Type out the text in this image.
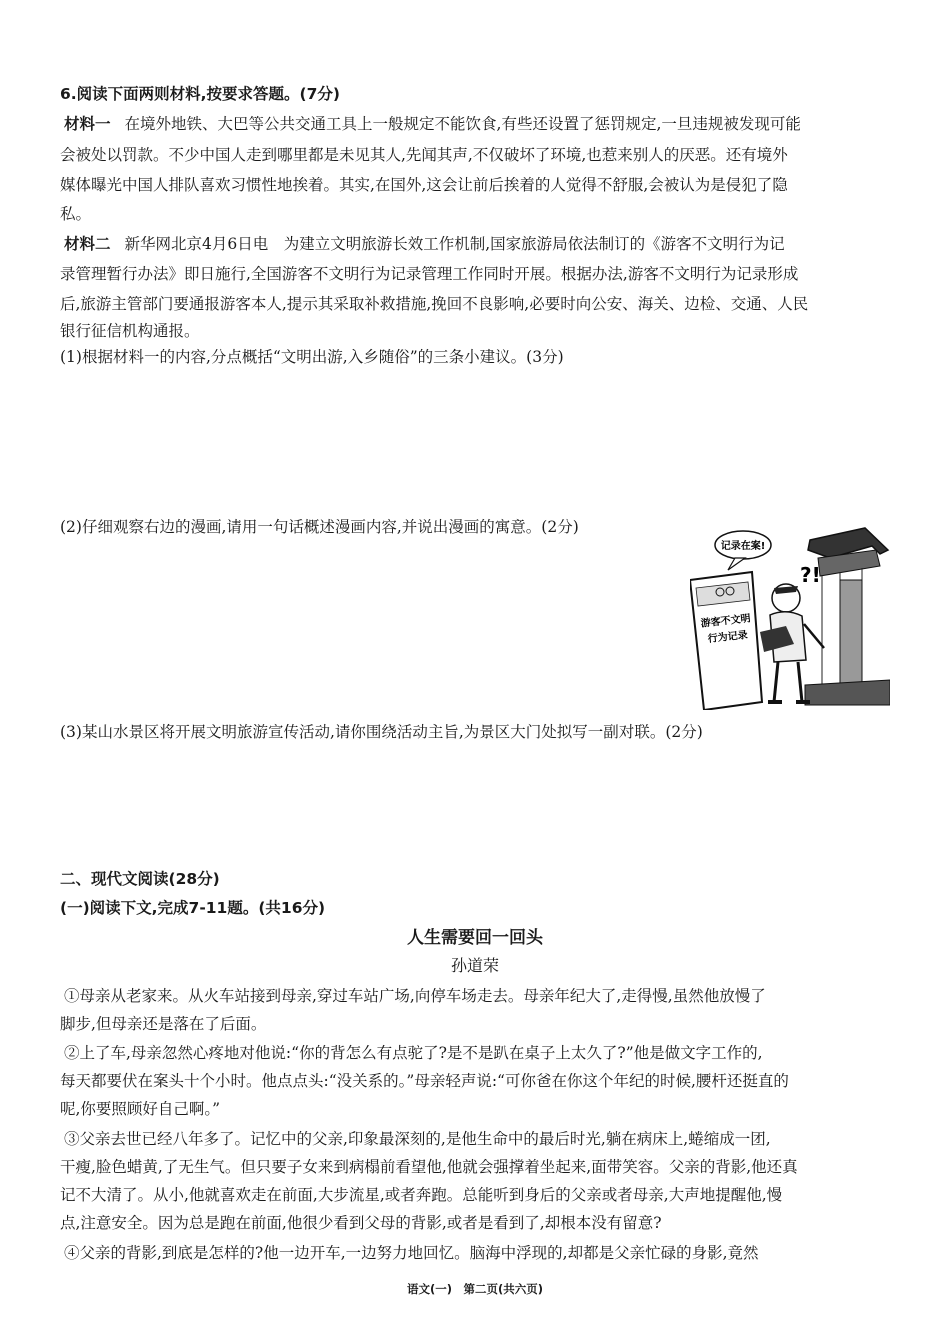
6.阅读下面两则材料,按要求答题。(7分)
材料一 在境外地铁、大巴等公共交通工具上一般规定不能饮食,有些还设置了惩罚规定,一旦违规被发现可能
会被处以罚款。不少中国人走到哪里都是未见其人,先闻其声,不仅破坏了环境,也惹来别人的厌恶。还有境外
媒体曝光中国人排队喜欢习惯性地挨着。其实,在国外,这会让前后挨着的人觉得不舒服,会被认为是侵犯了隐
私。
材料二 新华网北京4月6日电　为建立文明旅游长效工作机制,国家旅游局依法制订的《游客不文明行为记
录管理暂行办法》即日施行,全国游客不文明行为记录管理工作同时开展。根据办法,游客不文明行为记录形成
后,旅游主管部门要通报游客本人,提示其采取补救措施,挽回不良影响,必要时向公安、海关、边检、交通、人民
银行征信机构通报。
(1)根据材料一的内容,分点概括“文明出游,入乡随俗”的三条小建议。(3分)
(2)仔细观察右边的漫画,请用一句话概述漫画内容,并说出漫画的寓意。(2分)
记录在案!
游客不文明
行为记录
?!
(3)某山水景区将开展文明旅游宣传活动,请你围绕活动主旨,为景区大门处拟写一副对联。(2分)
二、现代文阅读(28分)
(一)阅读下文,完成7-11题。(共16分)
人生需要回一回头
孙道荣
①母亲从老家来。从火车站接到母亲,穿过车站广场,向停车场走去。母亲年纪大了,走得慢,虽然他放慢了
脚步,但母亲还是落在了后面。
②上了车,母亲忽然心疼地对他说:“你的背怎么有点驼了?是不是趴在桌子上太久了?”他是做文字工作的,
每天都要伏在案头十个小时。他点点头:“没关系的。”母亲轻声说:“可你爸在你这个年纪的时候,腰杆还挺直的
呢,你要照顾好自己啊。”
③父亲去世已经八年多了。记忆中的父亲,印象最深刻的,是他生命中的最后时光,躺在病床上,蜷缩成一团,
干瘦,脸色蜡黄,了无生气。但只要子女来到病榻前看望他,他就会强撑着坐起来,面带笑容。父亲的背影,他还真
记不大清了。从小,他就喜欢走在前面,大步流星,或者奔跑。总能听到身后的父亲或者母亲,大声地提醒他,慢
点,注意安全。因为总是跑在前面,他很少看到父母的背影,或者是看到了,却根本没有留意?
④父亲的背影,到底是怎样的?他一边开车,一边努力地回忆。脑海中浮现的,却都是父亲忙碌的身影,竟然
语文(一)　第二页(共六页)
